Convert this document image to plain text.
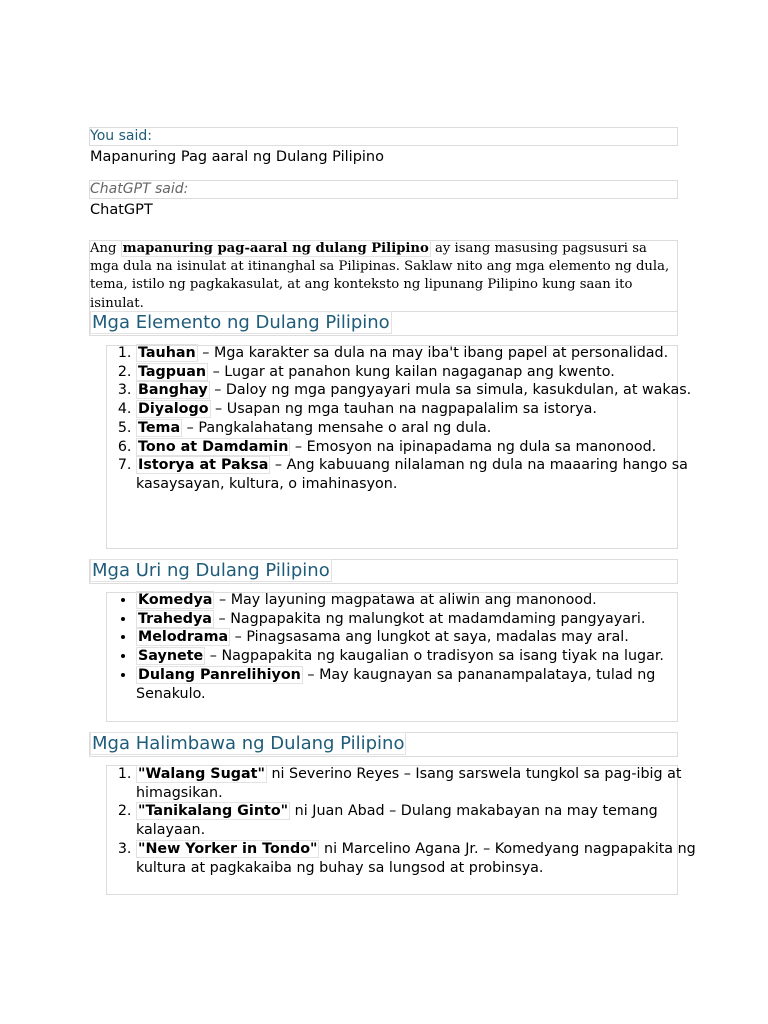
You said:
Mapanuring Pag aaral ng Dulang Pilipino
ChatGPT said:
ChatGPT

Ang mapanuring pag-aaral ng dulang Pilipino ay isang masusing pagsusuri sa mga dula na isinulat at itinanghal sa Pilipinas. Saklaw nito ang mga elemento ng dula, tema, istilo ng pagkakasulat, at ang konteksto ng lipunang Pilipino kung saan ito isinulat.

Mga Elemento ng Dulang Pilipino
1. Tauhan – Mga karakter sa dula na may iba't ibang papel at personalidad.
2. Tagpuan – Lugar at panahon kung kailan nagaganap ang kwento.
3. Banghay – Daloy ng mga pangyayari mula sa simula, kasukdulan, at wakas.
4. Diyalogo – Usapan ng mga tauhan na nagpapalalim sa istorya.
5. Tema – Pangkalahatang mensahe o aral ng dula.
6. Tono at Damdamin – Emosyon na ipinapadama ng dula sa manonood.
7. Istorya at Paksa – Ang kabuuang nilalaman ng dula na maaaring hango sa kasaysayan, kultura, o imahinasyon.
Mga Uri ng Dulang Pilipino
• Komedya – May layuning magpatawa at aliwin ang manonood.
• Trahedya – Nagpapakita ng malungkot at madamdaming pangyayari.
• Melodrama – Pinagsasama ang lungkot at saya, madalas may aral.
• Saynete – Nagpapakita ng kaugalian o tradisyon sa isang tiyak na lugar.
• Dulang Panrelihiyon – May kaugnayan sa pananampalataya, tulad ng Senakulo.
Mga Halimbawa ng Dulang Pilipino
1. "Walang Sugat" ni Severino Reyes – Isang sarswela tungkol sa pag-ibig at himagsikan.
2. "Tanikalang Ginto" ni Juan Abad – Dulang makabayan na may temang kalayaan.
3. "New Yorker in Tondo" ni Marcelino Agana Jr. – Komedyang nagpapakita ng kultura at pagkakaiba ng buhay sa lungsod at probinsya.
